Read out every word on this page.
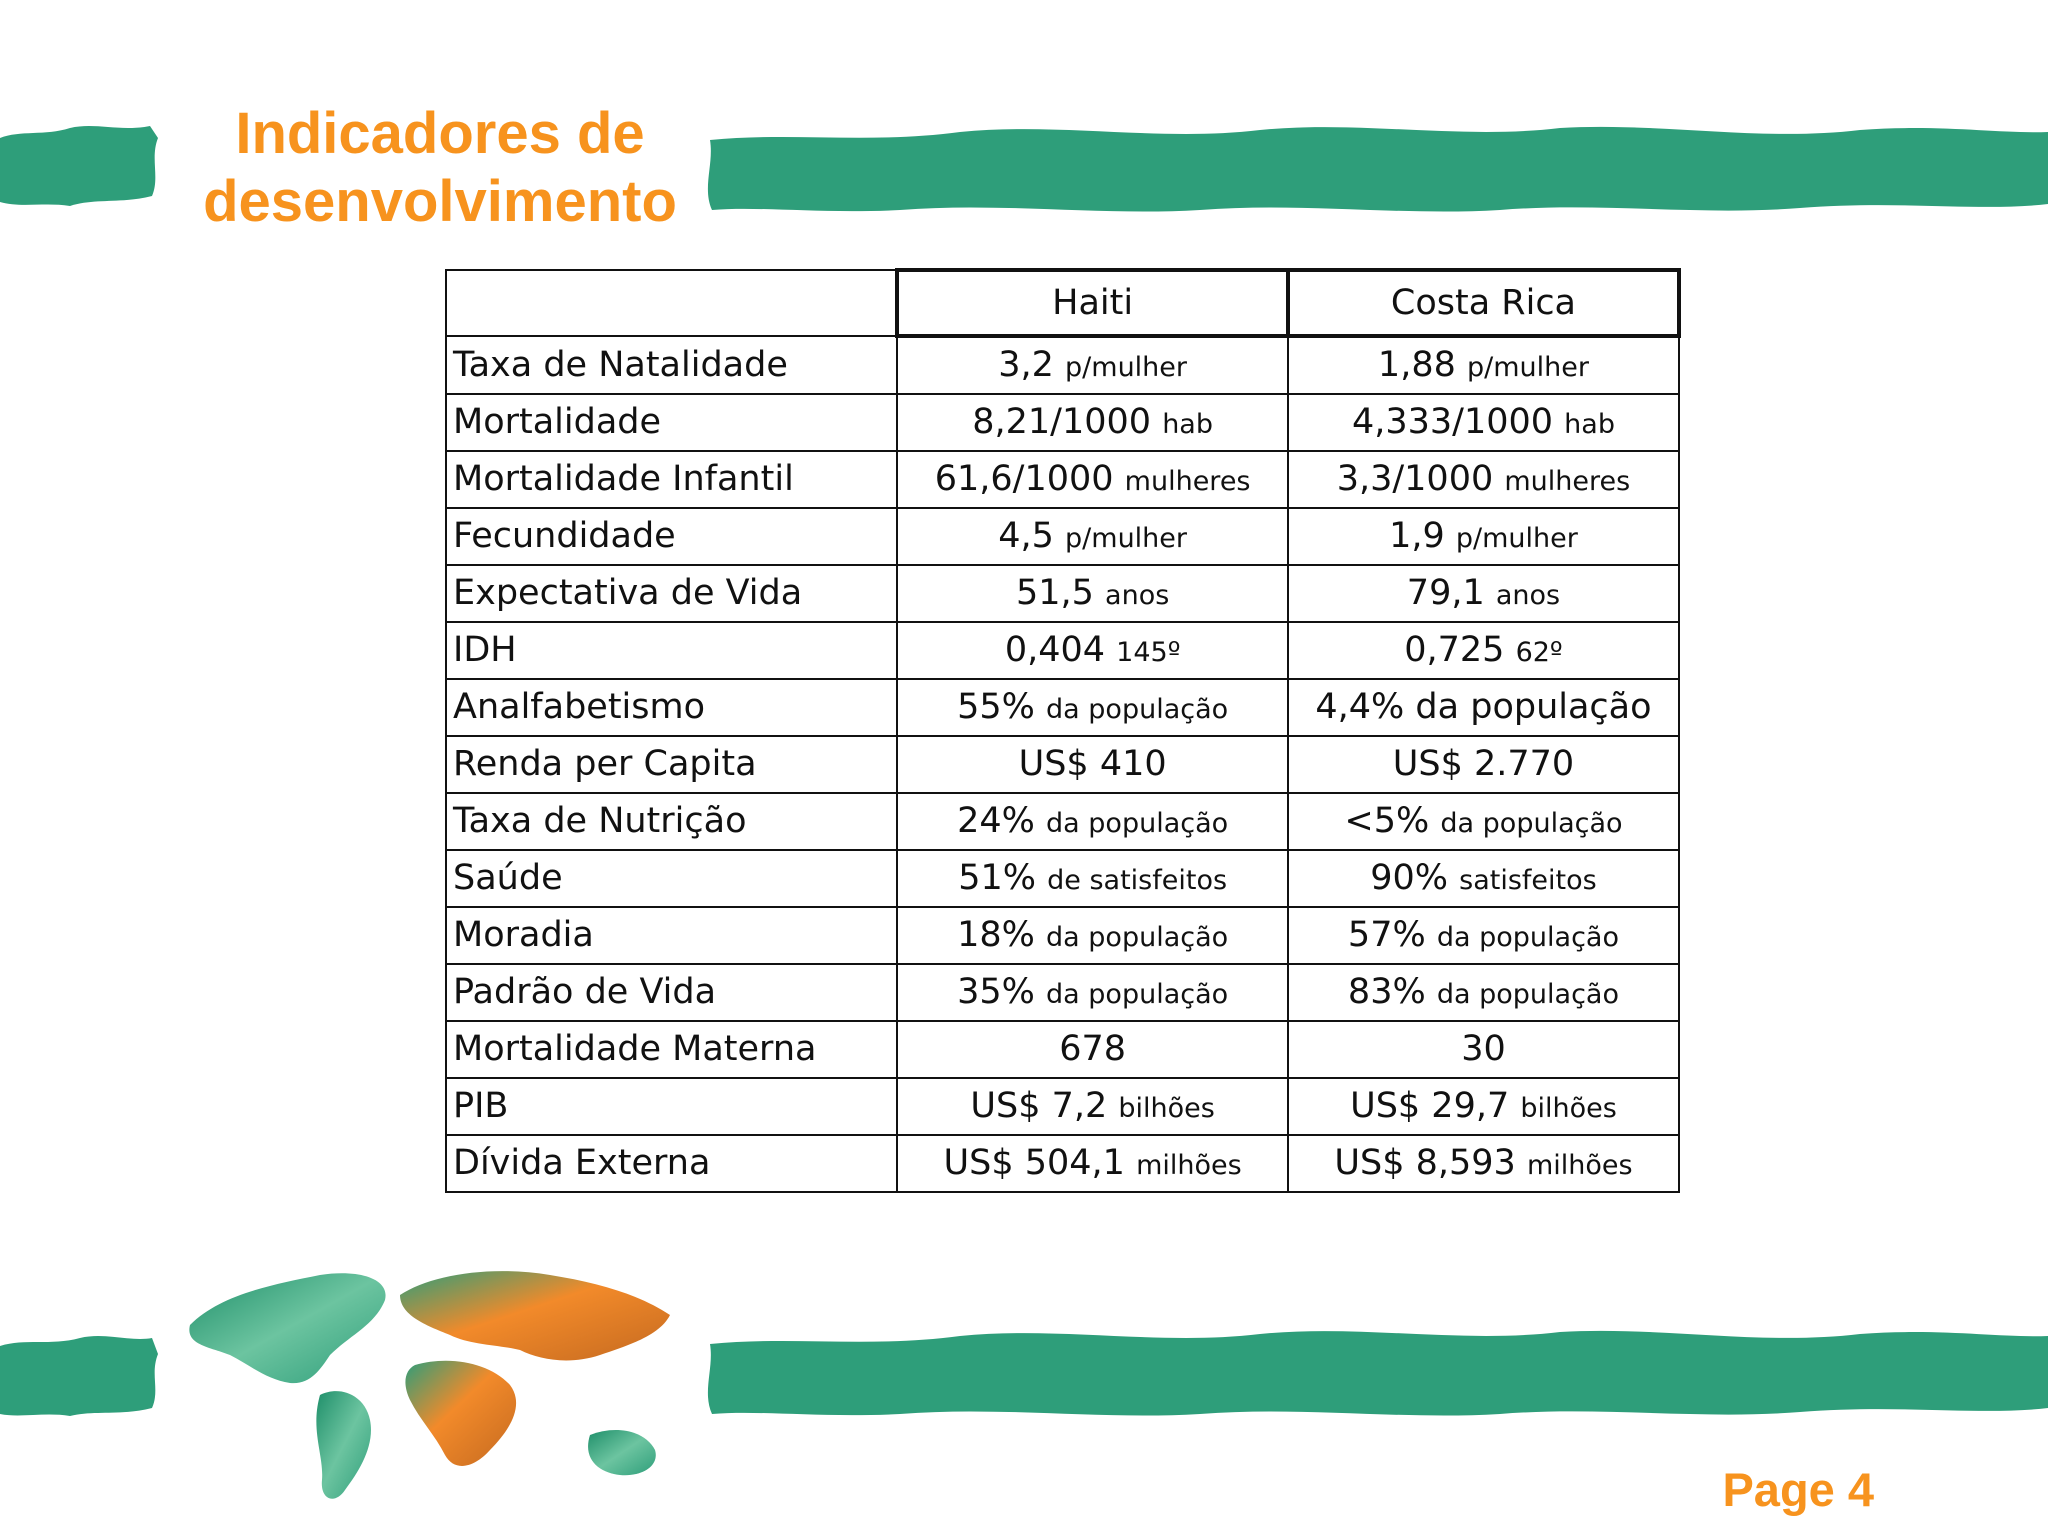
Indicadores de
desenvolvimento
	Haiti	Costa Rica
Taxa de Natalidade	3,2 p/mulher	1,88 p/mulher
Mortalidade	8,21/1000 hab	4,333/1000 hab
Mortalidade Infantil	61,6/1000 mulheres	3,3/1000 mulheres
Fecundidade	4,5 p/mulher	1,9 p/mulher
Expectativa de Vida	51,5 anos	79,1 anos
IDH	0,404 145º	0,725 62º
Analfabetismo	55% da população	4,4% da população
Renda per Capita	US$ 410	US$ 2.770
Taxa de Nutrição	24% da população	<5% da população
Saúde	51% de satisfeitos	90% satisfeitos
Moradia	18% da população	57% da população
Padrão de Vida	35% da população	83% da população
Mortalidade Materna	678	30
PIB	US$ 7,2 bilhões	US$ 29,7 bilhões
Dívida Externa	US$ 504,1 milhões	US$ 8,593 milhões
Page 4
